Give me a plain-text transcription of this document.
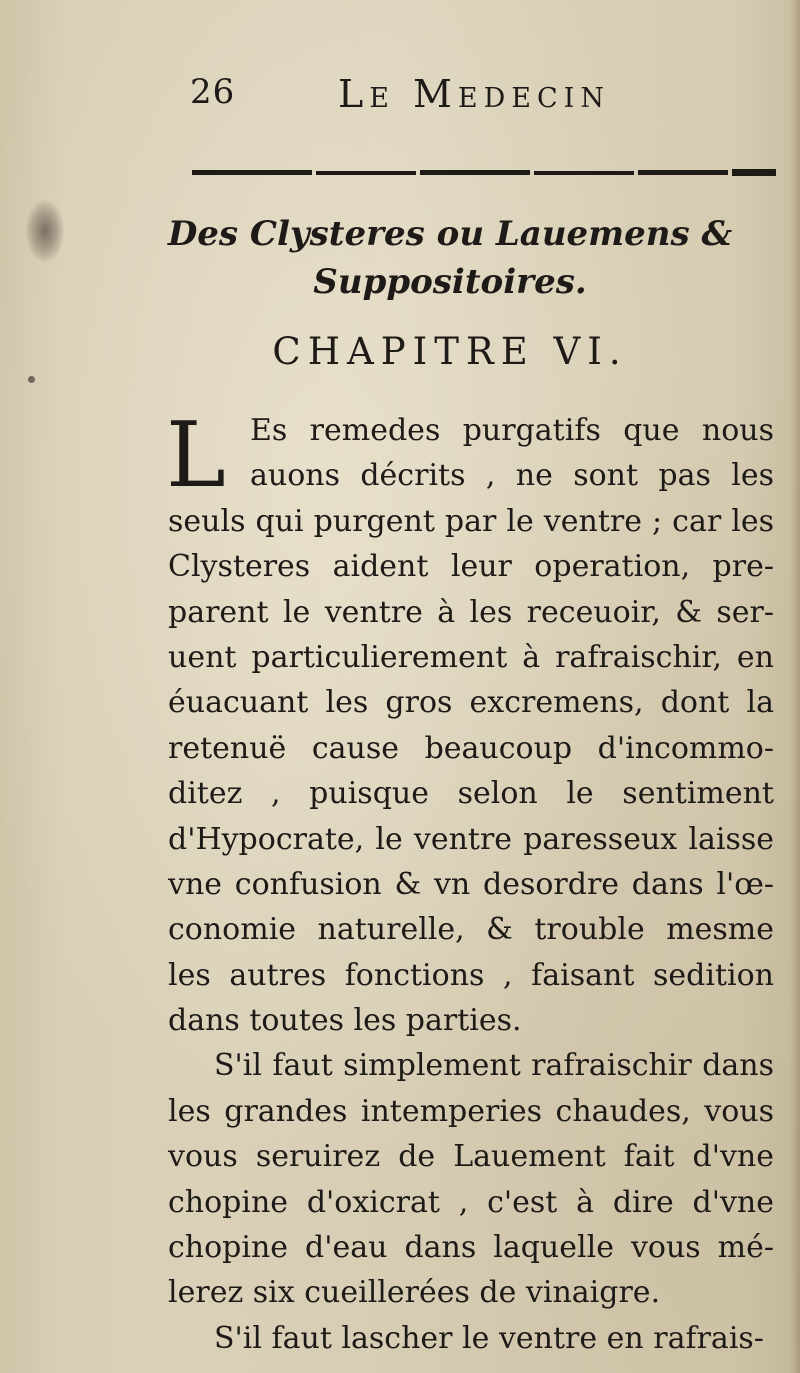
26	Le Medecin
Des Clysteres ou Lauemens &
Suppositoires.
CHAPITRE VI.
L Es remedes purgatifs que nous
auons décrits , ne sont pas les
seuls qui purgent par le ventre ; car les
Clysteres aident leur operation, pre-
parent le ventre à les receuoir, & ser-
uent particulierement à rafraischir, en
éuacuant les gros excremens, dont la
retenuë cause beaucoup d'incommo-
ditez , puisque selon le sentiment
d'Hypocrate, le ventre paresseux laisse
vne confusion & vn desordre dans l'œ-
conomie naturelle, & trouble mesme
les autres fonctions , faisant sedition
dans toutes les parties.
S'il faut simplement rafraischir dans
les grandes intemperies chaudes, vous
vous seruirez de Lauement fait d'vne
chopine d'oxicrat , c'est à dire d'vne
chopine d'eau dans laquelle vous mé-
lerez six cueillerées de vinaigre.
S'il faut lascher le ventre en rafrais-
